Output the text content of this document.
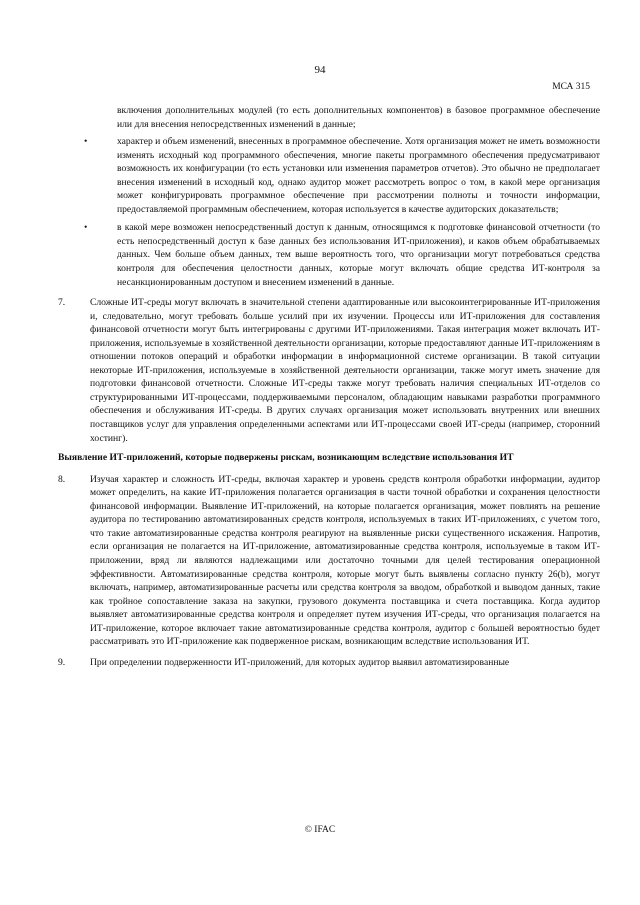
94
МСА 315

включения дополнительных модулей (то есть дополнительных компонентов) в базовое программное обеспечение или для внесения непосредственных изменений в данные;

•	характер и объем изменений, внесенных в программное обеспечение. Хотя организация может не иметь возможности изменять исходный код программного обеспечения, многие пакеты программного обеспечения предусматривают возможность их конфигурации (то есть установки или изменения параметров отчетов). Это обычно не предполагает внесения изменений в исходный код, однако аудитор может рассмотреть вопрос о том, в какой мере организация может конфигурировать программное обеспечение при рассмотрении полноты и точности информации, предоставляемой программным обеспечением, которая используется в качестве аудиторских доказательств;
•	в какой мере возможен непосредственный доступ к данным, относящимся к подготовке финансовой отчетности (то есть непосредственный доступ к базе данных без использования ИТ-приложения), и каков объем обрабатываемых данных. Чем больше объем данных, тем выше вероятность того, что организации могут потребоваться средства контроля для обеспечения целостности данных, которые могут включать общие средства ИТ-контроля за несанкционированным доступом и внесением изменений в данные.
7.	Сложные ИТ-среды могут включать в значительной степени адаптированные или высокоинтегрированные ИТ-приложения и, следовательно, могут требовать больше усилий при их изучении. Процессы или ИТ-приложения для составления финансовой отчетности могут быть интегрированы с другими ИТ-приложениями. Такая интеграция может включать ИТ-приложения, используемые в хозяйственной деятельности организации, которые предоставляют данные ИТ-приложениям в отношении потоков операций и обработки информации в информационной системе организации. В такой ситуации некоторые ИТ-приложения, используемые в хозяйственной деятельности организации, также могут иметь значение для подготовки финансовой отчетности. Сложные ИТ-среды также могут требовать наличия специальных ИТ-отделов со структурированными ИТ-процессами, поддерживаемыми персоналом, обладающим навыками разработки программного обеспечения и обслуживания ИТ-среды. В других случаях организация может использовать внутренних или внешних поставщиков услуг для управления определенными аспектами или ИТ-процессами своей ИТ-среды (например, сторонний хостинг).
Выявление ИТ-приложений, которые подвержены рискам, возникающим вследствие использования ИТ
8.	Изучая характер и сложность ИТ-среды, включая характер и уровень средств контроля обработки информации, аудитор может определить, на какие ИТ-приложения полагается организация в части точной обработки и сохранения целостности финансовой информации. Выявление ИТ-приложений, на которые полагается организация, может повлиять на решение аудитора по тестированию автоматизированных средств контроля, используемых в таких ИТ-приложениях, с учетом того, что такие автоматизированные средства контроля реагируют на выявленные риски существенного искажения. Напротив, если организация не полагается на ИТ-приложение, автоматизированные средства контроля, используемые в таком ИТ-приложении, вряд ли являются надлежащими или достаточно точными для целей тестирования операционной эффективности. Автоматизированные средства контроля, которые могут быть выявлены согласно пункту 26(b), могут включать, например, автоматизированные расчеты или средства контроля за вводом, обработкой и выводом данных, такие как тройное сопоставление заказа на закупки, грузового документа поставщика и счета поставщика. Когда аудитор выявляет автоматизированные средства контроля и определяет путем изучения ИТ-среды, что организация полагается на ИТ-приложение, которое включает такие автоматизированные средства контроля, аудитор с большей вероятностью будет рассматривать это ИТ-приложение как подверженное рискам, возникающим вследствие использования ИТ.
9.	При определении подверженности ИТ-приложений, для которых аудитор выявил автоматизированные
© IFAC
